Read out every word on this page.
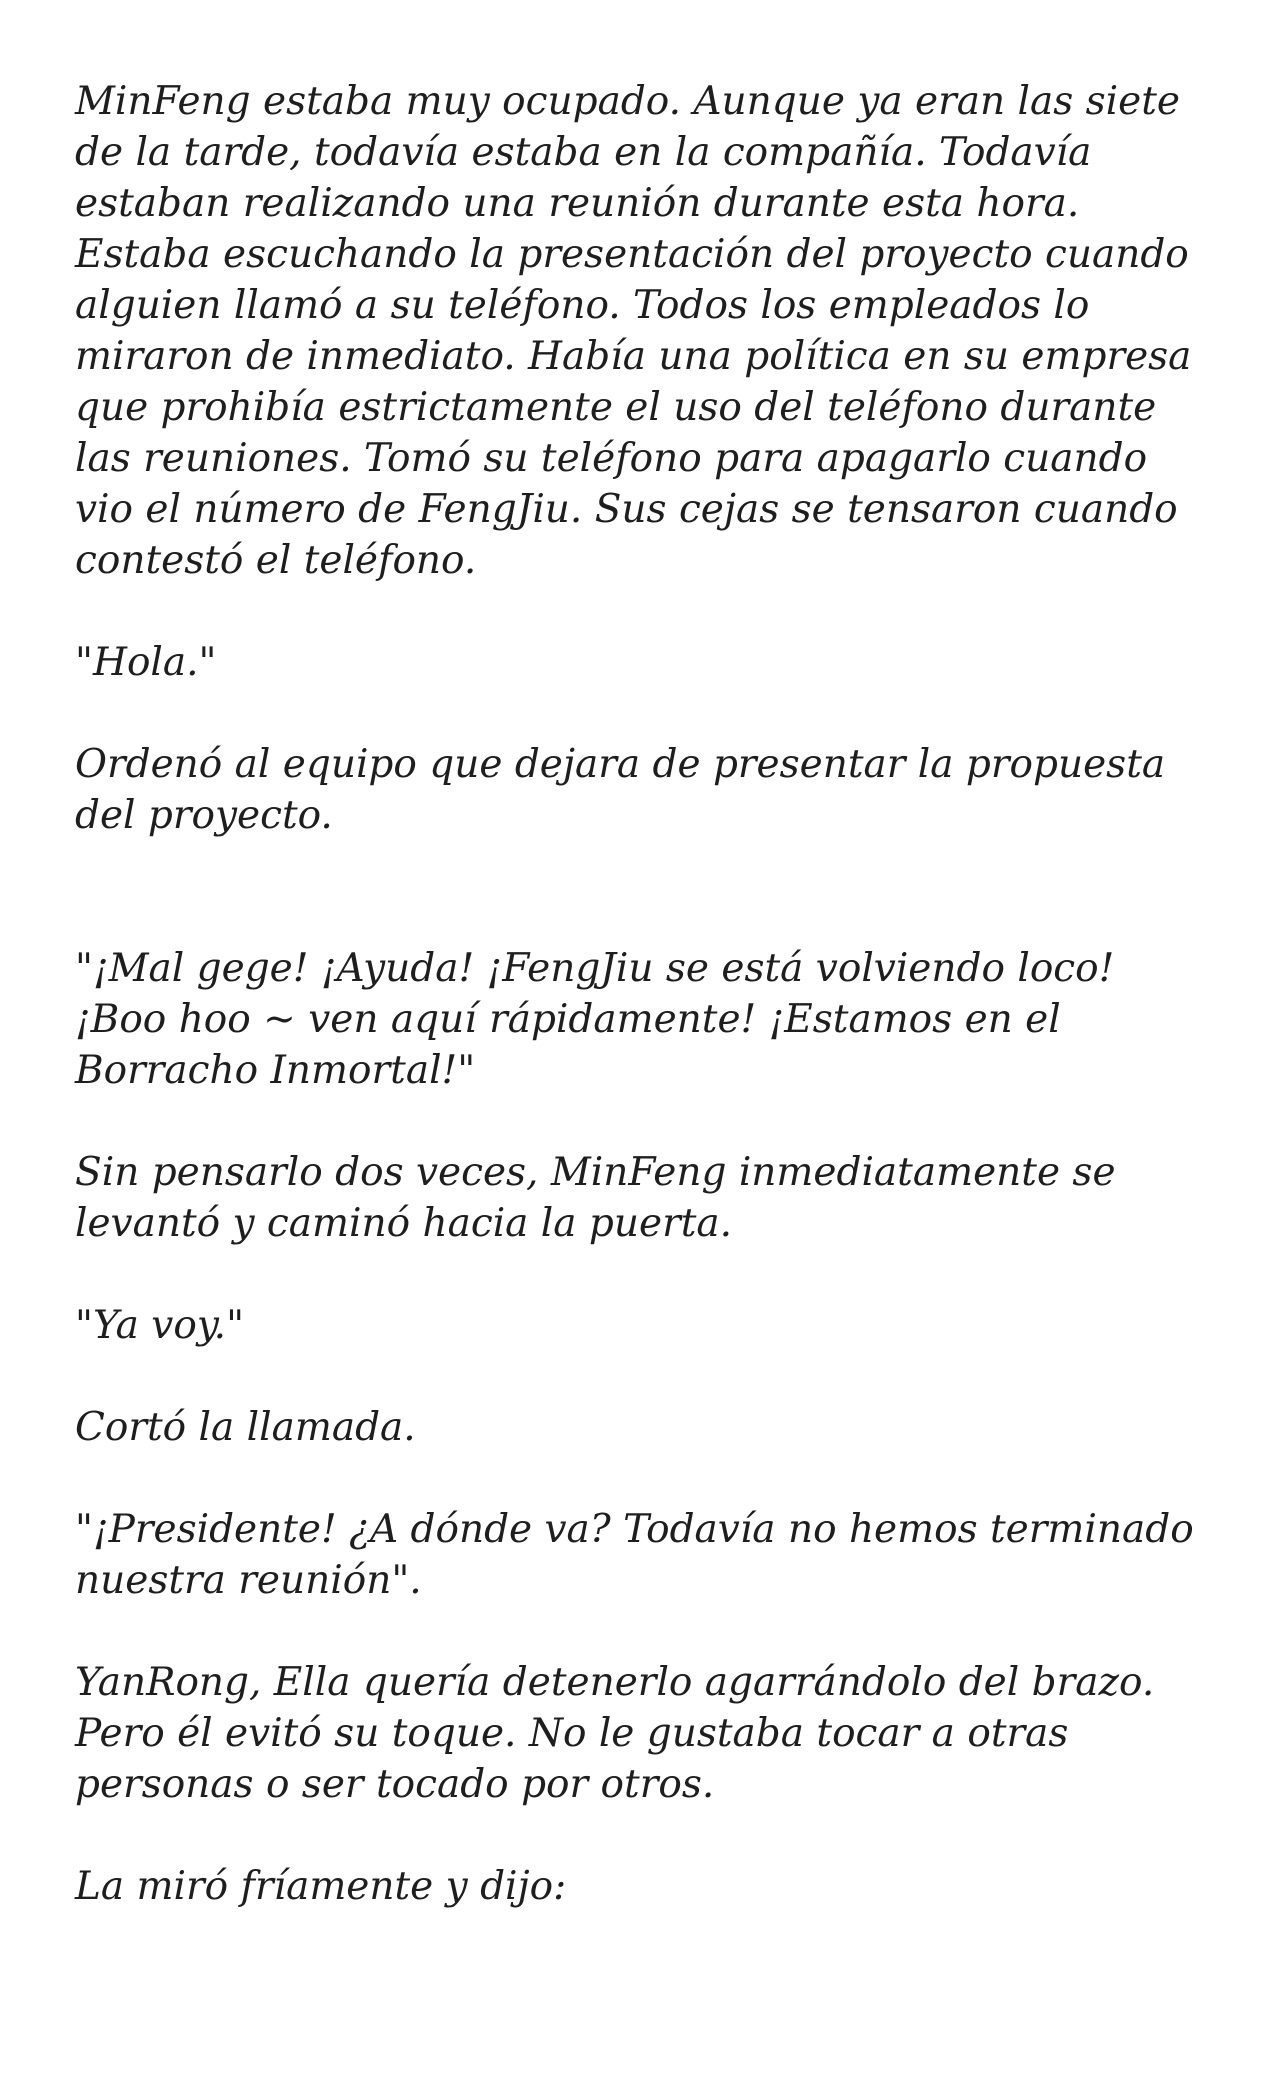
MinFeng estaba muy ocupado. Aunque ya eran las siete de la tarde, todavía estaba en la compañía. Todavía estaban realizando una reunión durante esta hora. Estaba escuchando la presentación del proyecto cuando alguien llamó a su teléfono. Todos los empleados lo miraron de inmediato. Había una política en su empresa que prohibía estrictamente el uso del teléfono durante las reuniones. Tomó su teléfono para apagarlo cuando vio el número de FengJiu. Sus cejas se tensaron cuando contestó el teléfono.

"Hola."

Ordenó al equipo que dejara de presentar la propuesta del proyecto.

"¡Mal gege! ¡Ayuda! ¡FengJiu se está volviendo loco! ¡Boo hoo ~ ven aquí rápidamente! ¡Estamos en el Borracho Inmortal!"

Sin pensarlo dos veces, MinFeng inmediatamente se levantó y caminó hacia la puerta.

"Ya voy."

Cortó la llamada.

"¡Presidente! ¿A dónde va? Todavía no hemos terminado nuestra reunión".

YanRong, Ella quería detenerlo agarrándolo del brazo. Pero él evitó su toque. No le gustaba tocar a otras personas o ser tocado por otros.

La miró fríamente y dijo:
